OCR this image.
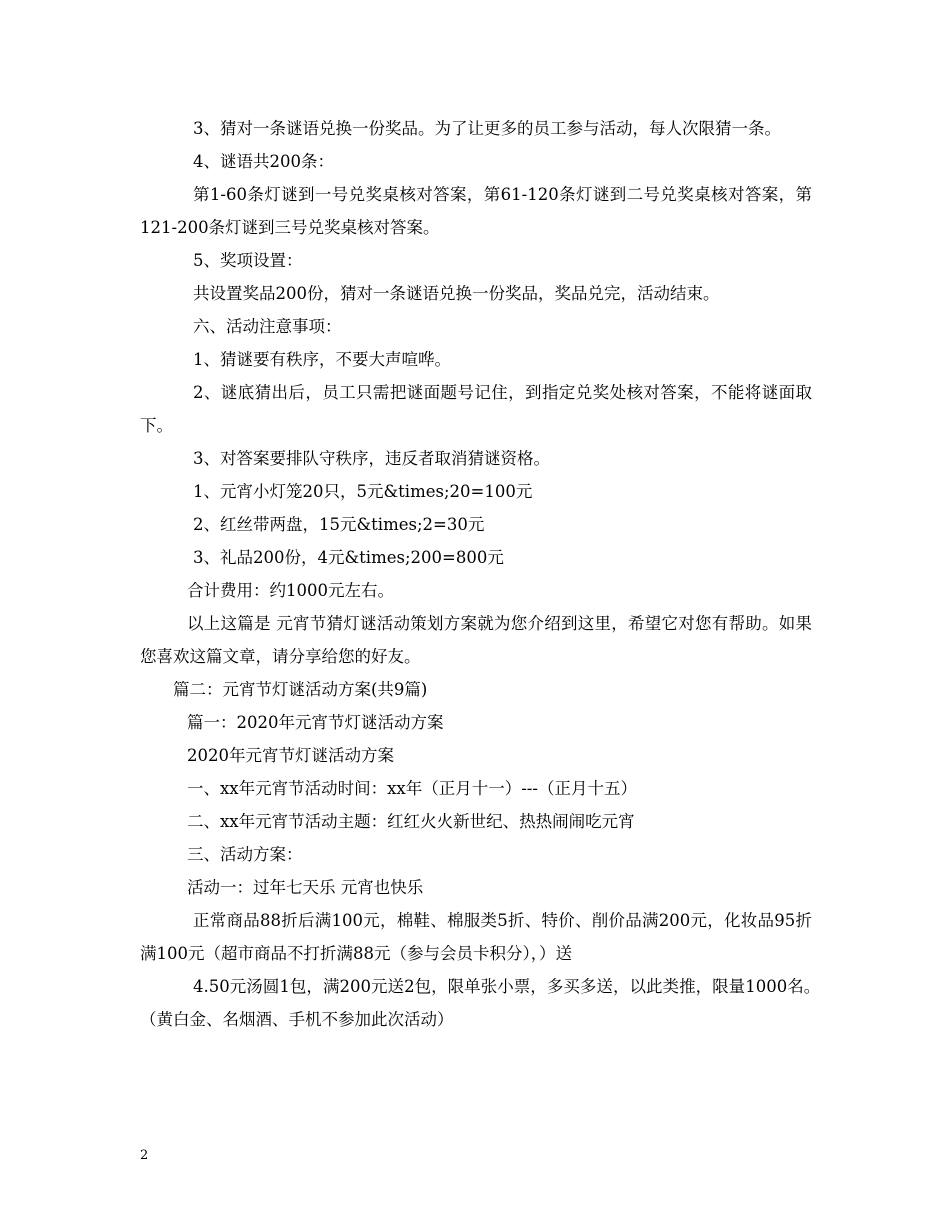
3、猜对一条谜语兑换一份奖品。为了让更多的员工参与活动，每人次限猜一条。

4、谜语共200条：

第1-60条灯谜到一号兑奖桌核对答案，第61-120条灯谜到二号兑奖桌核对答案，第121-200条灯谜到三号兑奖桌核对答案。

5、奖项设置：

共设置奖品200份，猜对一条谜语兑换一份奖品，奖品兑完，活动结束。

六、活动注意事项：

1、猜谜要有秩序，不要大声喧哗。

2、谜底猜出后，员工只需把谜面题号记住，到指定兑奖处核对答案，不能将谜面取下。

3、对答案要排队守秩序，违反者取消猜谜资格。

1、元宵小灯笼20只，5元&times;20=100元

2、红丝带两盘，15元&times;2=30元

3、礼品200份，4元&times;200=800元

合计费用：约1000元左右。

以上这篇是 元宵节猜灯谜活动策划方案就为您介绍到这里，希望它对您有帮助。如果您喜欢这篇文章，请分享给您的好友。

篇二：元宵节灯谜活动方案(共9篇)

篇一：2020年元宵节灯谜活动方案

2020年元宵节灯谜活动方案

一、xx年元宵节活动时间：xx年（正月十一）---（正月十五）

二、xx年元宵节活动主题：红红火火新世纪、热热闹闹吃元宵

三、活动方案：

活动一：过年七天乐 元宵也快乐

正常商品88折后满100元，棉鞋、棉服类5折、特价、削价品满200元，化妆品95折满100元（超市商品不打折满88元（参与会员卡积分），）送

4.50元汤圆1包，满200元送2包，限单张小票，多买多送，以此类推，限量1000名。　（黄白金、名烟酒、手机不参加此次活动）

2
